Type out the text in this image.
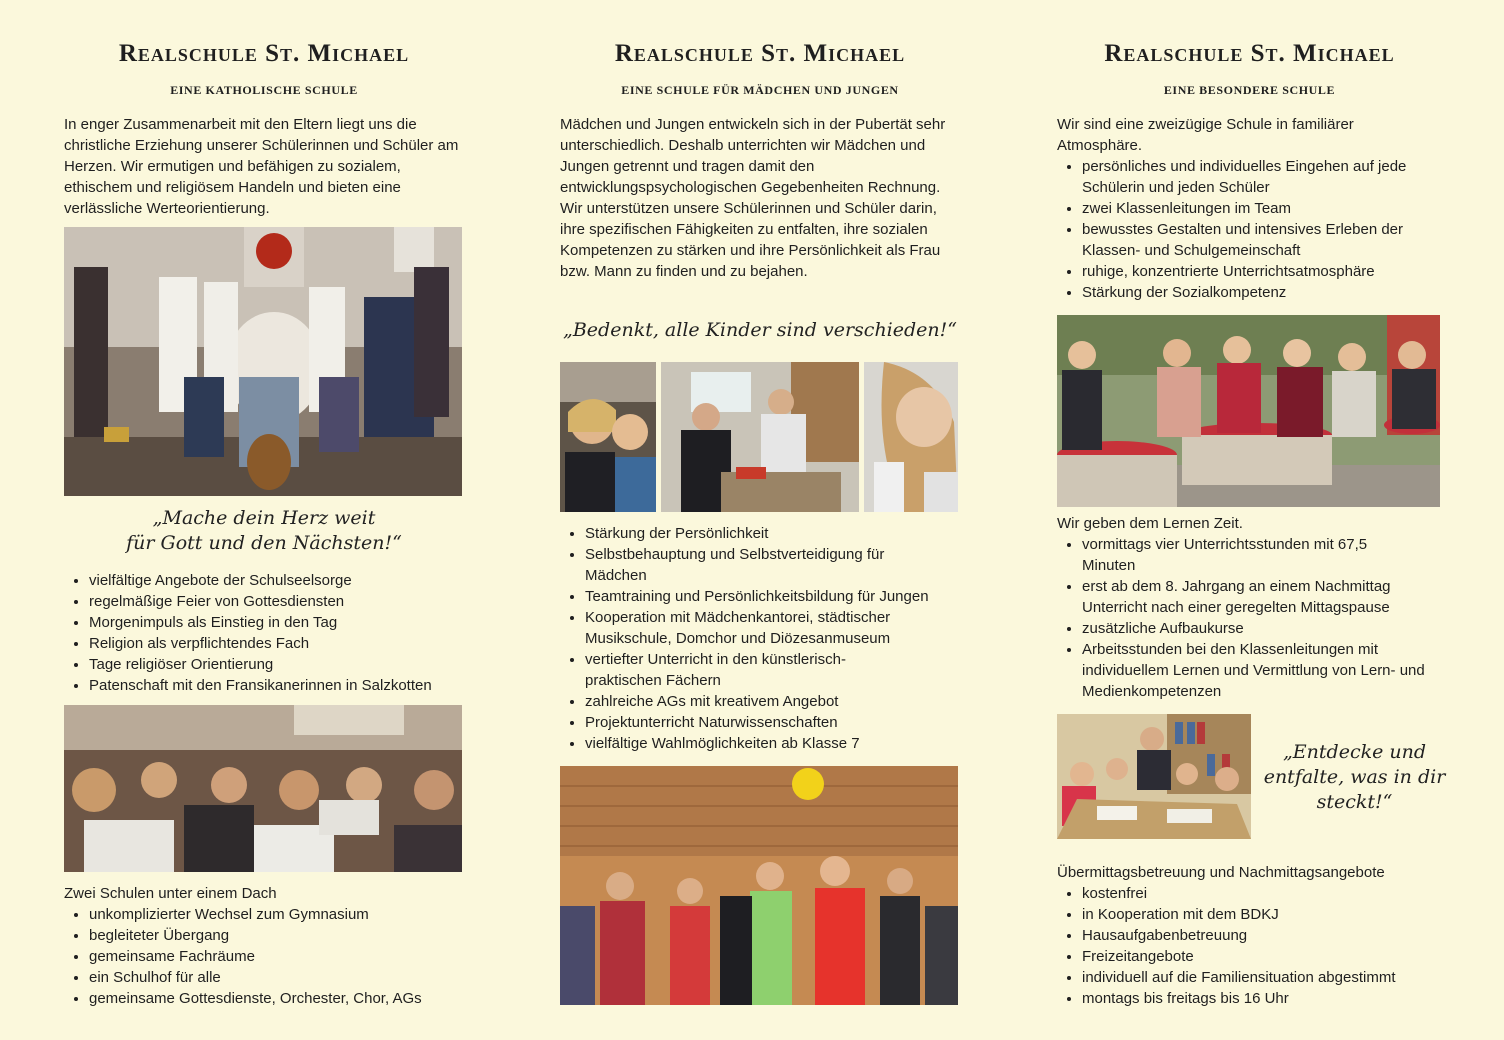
Realschule St. Michael
EINE KATHOLISCHE SCHULE

In enger Zusammenarbeit mit den Eltern liegt uns die christliche Erziehung unserer Schülerinnen und Schüler am Herzen. Wir ermutigen und befähigen zu sozialem, ethischem und religiösem Handeln und bieten eine verlässliche Werteorientierung.

„Mache dein Herz weit
für Gott und den Nächsten!“
• vielfältige Angebote der Schulseelsorge
• regelmäßige Feier von Gottesdiensten
• Morgenimpuls als Einstieg in den Tag
• Religion als verpflichtendes Fach
• Tage religiöser Orientierung
• Patenschaft mit den Fransikanerinnen in Salzkotten

Zwei Schulen unter einem Dach

• unkomplizierter Wechsel zum Gymnasium
• begleiteter Übergang
• gemeinsame Fachräume
• ein Schulhof für alle
• gemeinsame Gottesdienste, Orchester, Chor, AGs
Realschule St. Michael
EINE SCHULE FÜR MÄDCHEN UND JUNGEN

Mädchen und Jungen entwickeln sich in der Pubertät sehr unterschiedlich. Deshalb unterrichten wir Mädchen und Jungen getrennt und tragen damit den entwicklungspsychologischen Gegebenheiten Rechnung.

Wir unterstützen unsere Schülerinnen und Schüler darin, ihre spezifischen Fähigkeiten zu entfalten, ihre sozialen Kompetenzen zu stärken und ihre Persönlichkeit als Frau bzw. Mann zu finden und zu bejahen.

„Bedenkt, alle Kinder sind verschieden!“
• Stärkung der Persönlichkeit
• Selbstbehauptung und Selbstverteidigung für Mädchen
• Teamtraining und Persönlichkeitsbildung für Jungen
• Kooperation mit Mädchenkantorei, städtischer Musikschule, Domchor und Diözesanmuseum
• vertiefter Unterricht in den künstlerisch-praktischen Fächern
• zahlreiche AGs mit kreativem Angebot
• Projektunterricht Naturwissenschaften
• vielfältige Wahlmöglichkeiten ab Klasse 7
Realschule St. Michael
EINE BESONDERE SCHULE

Wir sind eine zweizügige Schule in familiärer Atmosphäre.

• persönliches und individuelles Eingehen auf jede Schülerin und jeden Schüler
• zwei Klassenleitungen im Team
• bewusstes Gestalten und intensives Erleben der Klassen- und Schulgemeinschaft
• ruhige, konzentrierte Unterrichtsatmosphäre
• Stärkung der Sozialkompetenz

Wir geben dem Lernen Zeit.

• vormittags vier Unterrichtsstunden mit 67,5 Minuten
• erst ab dem 8. Jahrgang an einem Nachmittag Unterricht nach einer geregelten Mittagspause
• zusätzliche Aufbaukurse
• Arbeitsstunden bei den Klassenleitungen mit individuellem Lernen und Vermittlung von Lern- und Medienkompetenzen
„Entdecke und
entfalte, was in dir
steckt!“

Übermittagsbetreuung und Nachmittagsangebote

• kostenfrei
• in Kooperation mit dem BDKJ
• Hausaufgabenbetreuung
• Freizeitangebote
• individuell auf die Familiensituation abgestimmt
• montags bis freitags bis 16 Uhr
